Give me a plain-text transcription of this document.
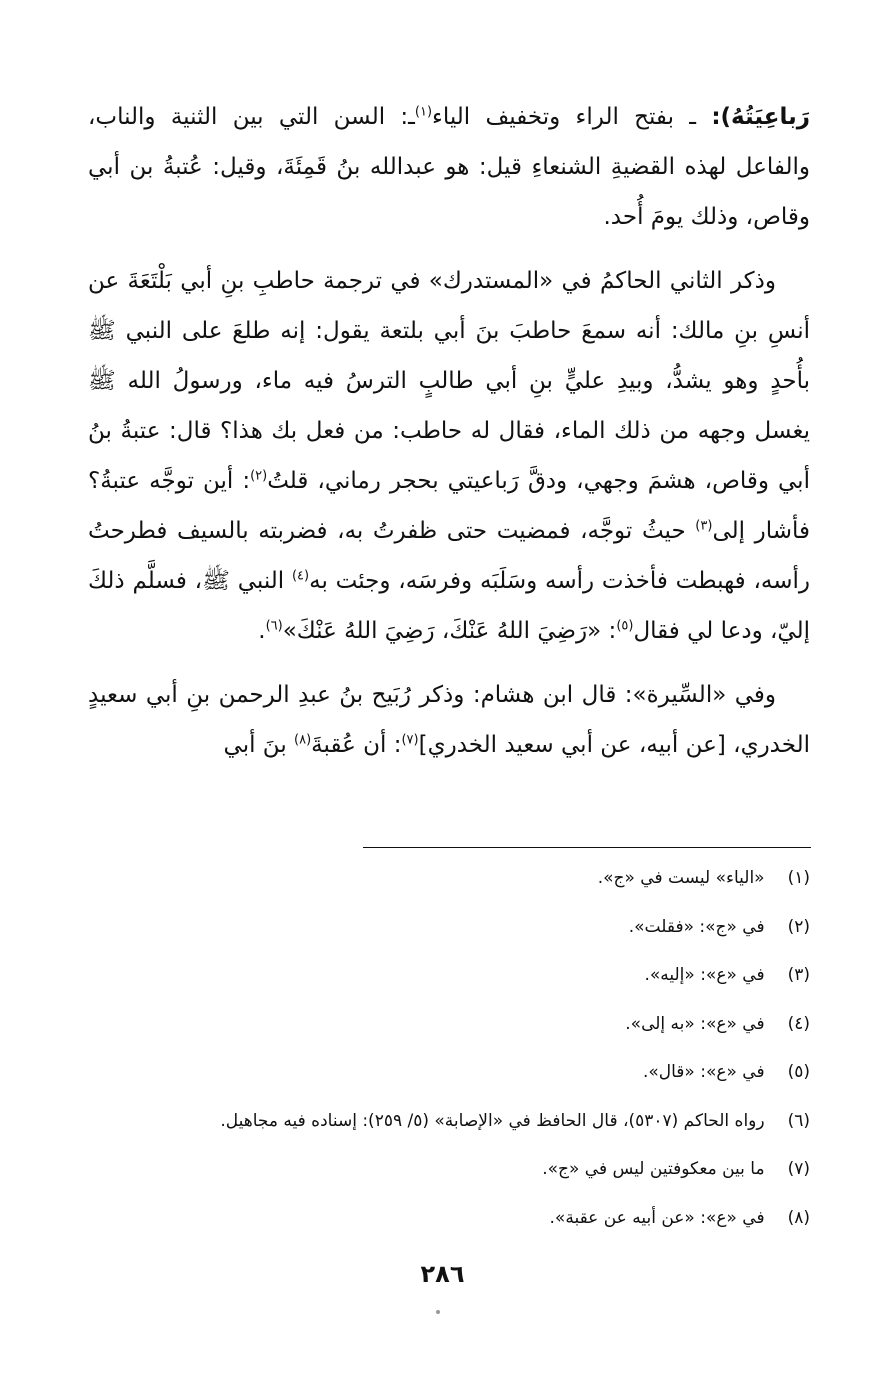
رَباعِيَتُهُ): ـ بفتح الراء وتخفيف الياء$^{(١)}$ـ: السن التي بين الثنية والناب، والفاعل لهذه القضيةِ الشنعاءِ قيل: هو عبدالله بنُ قَمِئَةَ، وقيل: عُتبةُ بن أبي وقاص، وذلك يومَ أُحد.

وذكر الثاني الحاكمُ في «المستدرك» في ترجمة حاطبِ بنِ أبي بَلْتَعَةَ عن أنسِ بنِ مالك: أنه سمعَ حاطبَ بنَ أبي بلتعة يقول: إنه طلعَ على النبي ﷺ بأُحدٍ وهو يشدُّ، وبيدِ عليٍّ بنِ أبي طالبٍ الترسُ فيه ماء، ورسولُ الله ﷺ يغسل وجهه من ذلك الماء، فقال له حاطب: من فعل بك هذا؟ قال: عتبةُ بنُ أبي وقاص، هشمَ وجهي، ودقَّ رَباعيتي بحجر رماني، قلتُ$^{(٢)}$: أين توجَّه عتبةُ؟ فأشار إلى$^{(٣)}$ حيثُ توجَّه، فمضيت حتى ظفرتُ به، فضربته بالسيف فطرحتُ رأسه، فهبطت فأخذت رأسه وسَلَبَه وفرسَه، وجئت به$^{(٤)}$ النبي ﷺ، فسلَّم ذلكَ إليّ، ودعا لي فقال$^{(٥)}$: «رَضِيَ اللهُ عَنْكَ، رَضِيَ اللهُ عَنْكَ»$^{(٦)}$.

وفي «السِّيرة»: قال ابن هشام: وذكر رُبَيح بنُ عبدِ الرحمن بنِ أبي سعيدٍ الخدري، [عن أبيه، عن أبي سعيد الخدري]$^{(٧)}$: أن عُقبةَ$^{(٨)}$ بنَ أبي

(١) «الياء» ليست في «ج».
(٢) في «ج»: «فقلت».
(٣) في «ع»: «إليه».
(٤) في «ع»: «به إلى».
(٥) في «ع»: «قال».
(٦) رواه الحاكم (٥٣٠٧)، قال الحافظ في «الإصابة» (٥/ ٢٥٩): إسناده فيه مجاهيل.
(٧) ما بين معكوفتين ليس في «ج».
(٨) في «ع»: «عن أبيه عن عقبة».
٢٨٦
